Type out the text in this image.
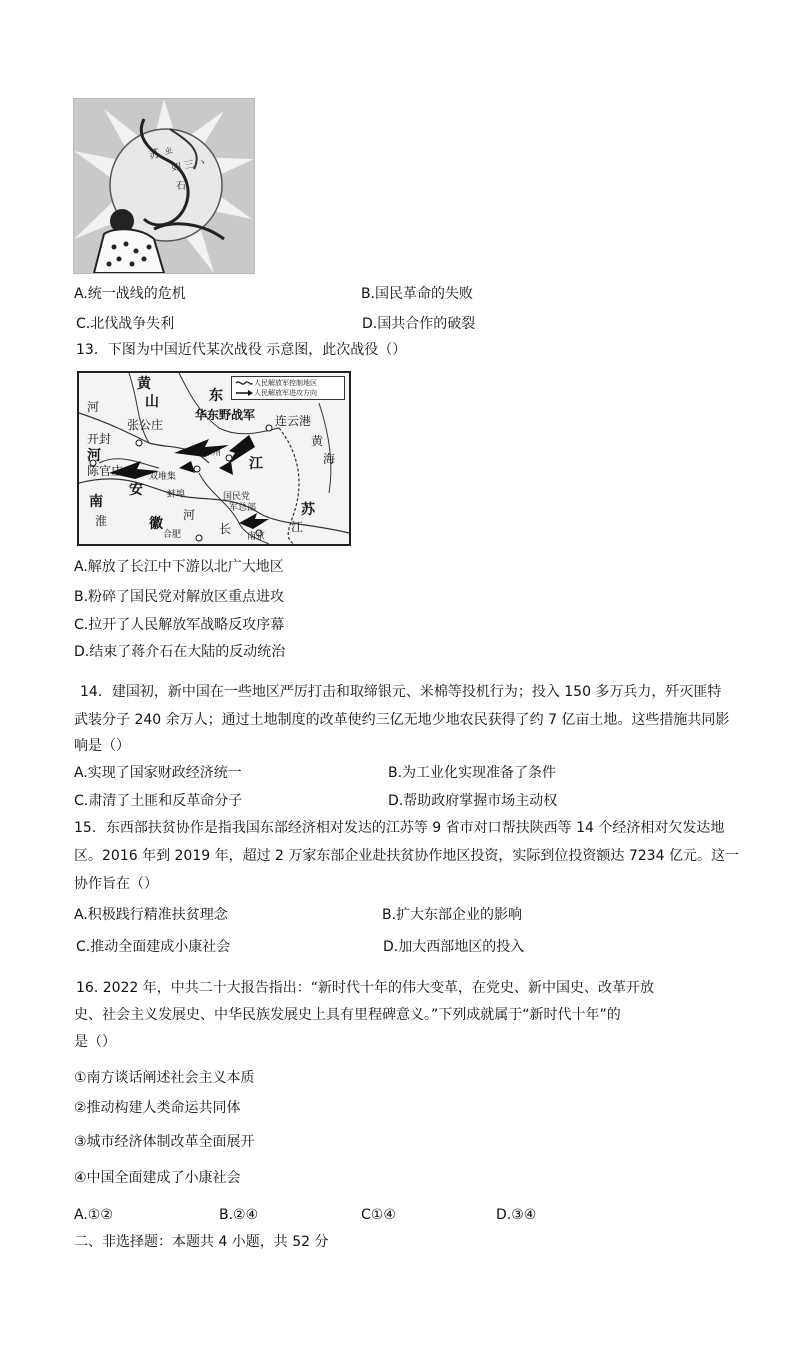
苏 ㄓ
如 三 ヽ
石
A.统一战线的危机	B.国民革命的失败
C.北伐战争失利	D.国共合作的破裂
13．下图为中国近代某次战役 示意图，此次战役（）
人民解放军控制地区
人民解放军进攻方向
黄
山	东
河
华东野战军
张公庄
开封
河
连云港
黄
海
陈官庄
徐州
江
双堆集
安	蚌埠
南
淮	河	苏
徽
合肥	长
国民党
军总部
南京
江
A.解放了长江中下游以北广大地区
B.粉碎了国民党对解放区重点进攻
C.拉开了人民解放军战略反攻序幕
D.结束了蒋介石在大陆的反动统治
14．建国初，新中国在一些地区严厉打击和取缔银元、米棉等投机行为；投入 150 多万兵力，歼灭匪特
武装分子 240 余万人；通过土地制度的改革使约三亿无地少地农民获得了约 7 亿亩土地。这些措施共同影
响是（）
A.实现了国家财政经济统一	B.为工业化实现准备了条件
C.肃清了土匪和反革命分子	D.帮助政府掌握市场主动权
15．东西部扶贫协作是指我国东部经济相对发达的江苏等 9 省市对口帮扶陕西等 14 个经济相对欠发达地
区。2016 年到 2019 年，超过 2 万家东部企业赴扶贫协作地区投资，实际到位投资额达 7234 亿元。这一
协作旨在（）
A.积极践行精准扶贫理念	B.扩大东部企业的影响
C.推动全面建成小康社会	D.加大西部地区的投入
16. 2022 年，中共二十大报告指出：“新时代十年的伟大变革，在党史、新中国史、改革开放
史、社会主义发展史、中华民族发展史上具有里程碑意义。”下列成就属于“新时代十年”的
是（）
①南方谈话阐述社会主义本质
②推动构建人类命运共同体
③城市经济体制改革全面展开
④中国全面建成了小康社会
A.①②	B.②④	C①④	D.③④
二、非选择题：本题共 4 小题，共 52 分
